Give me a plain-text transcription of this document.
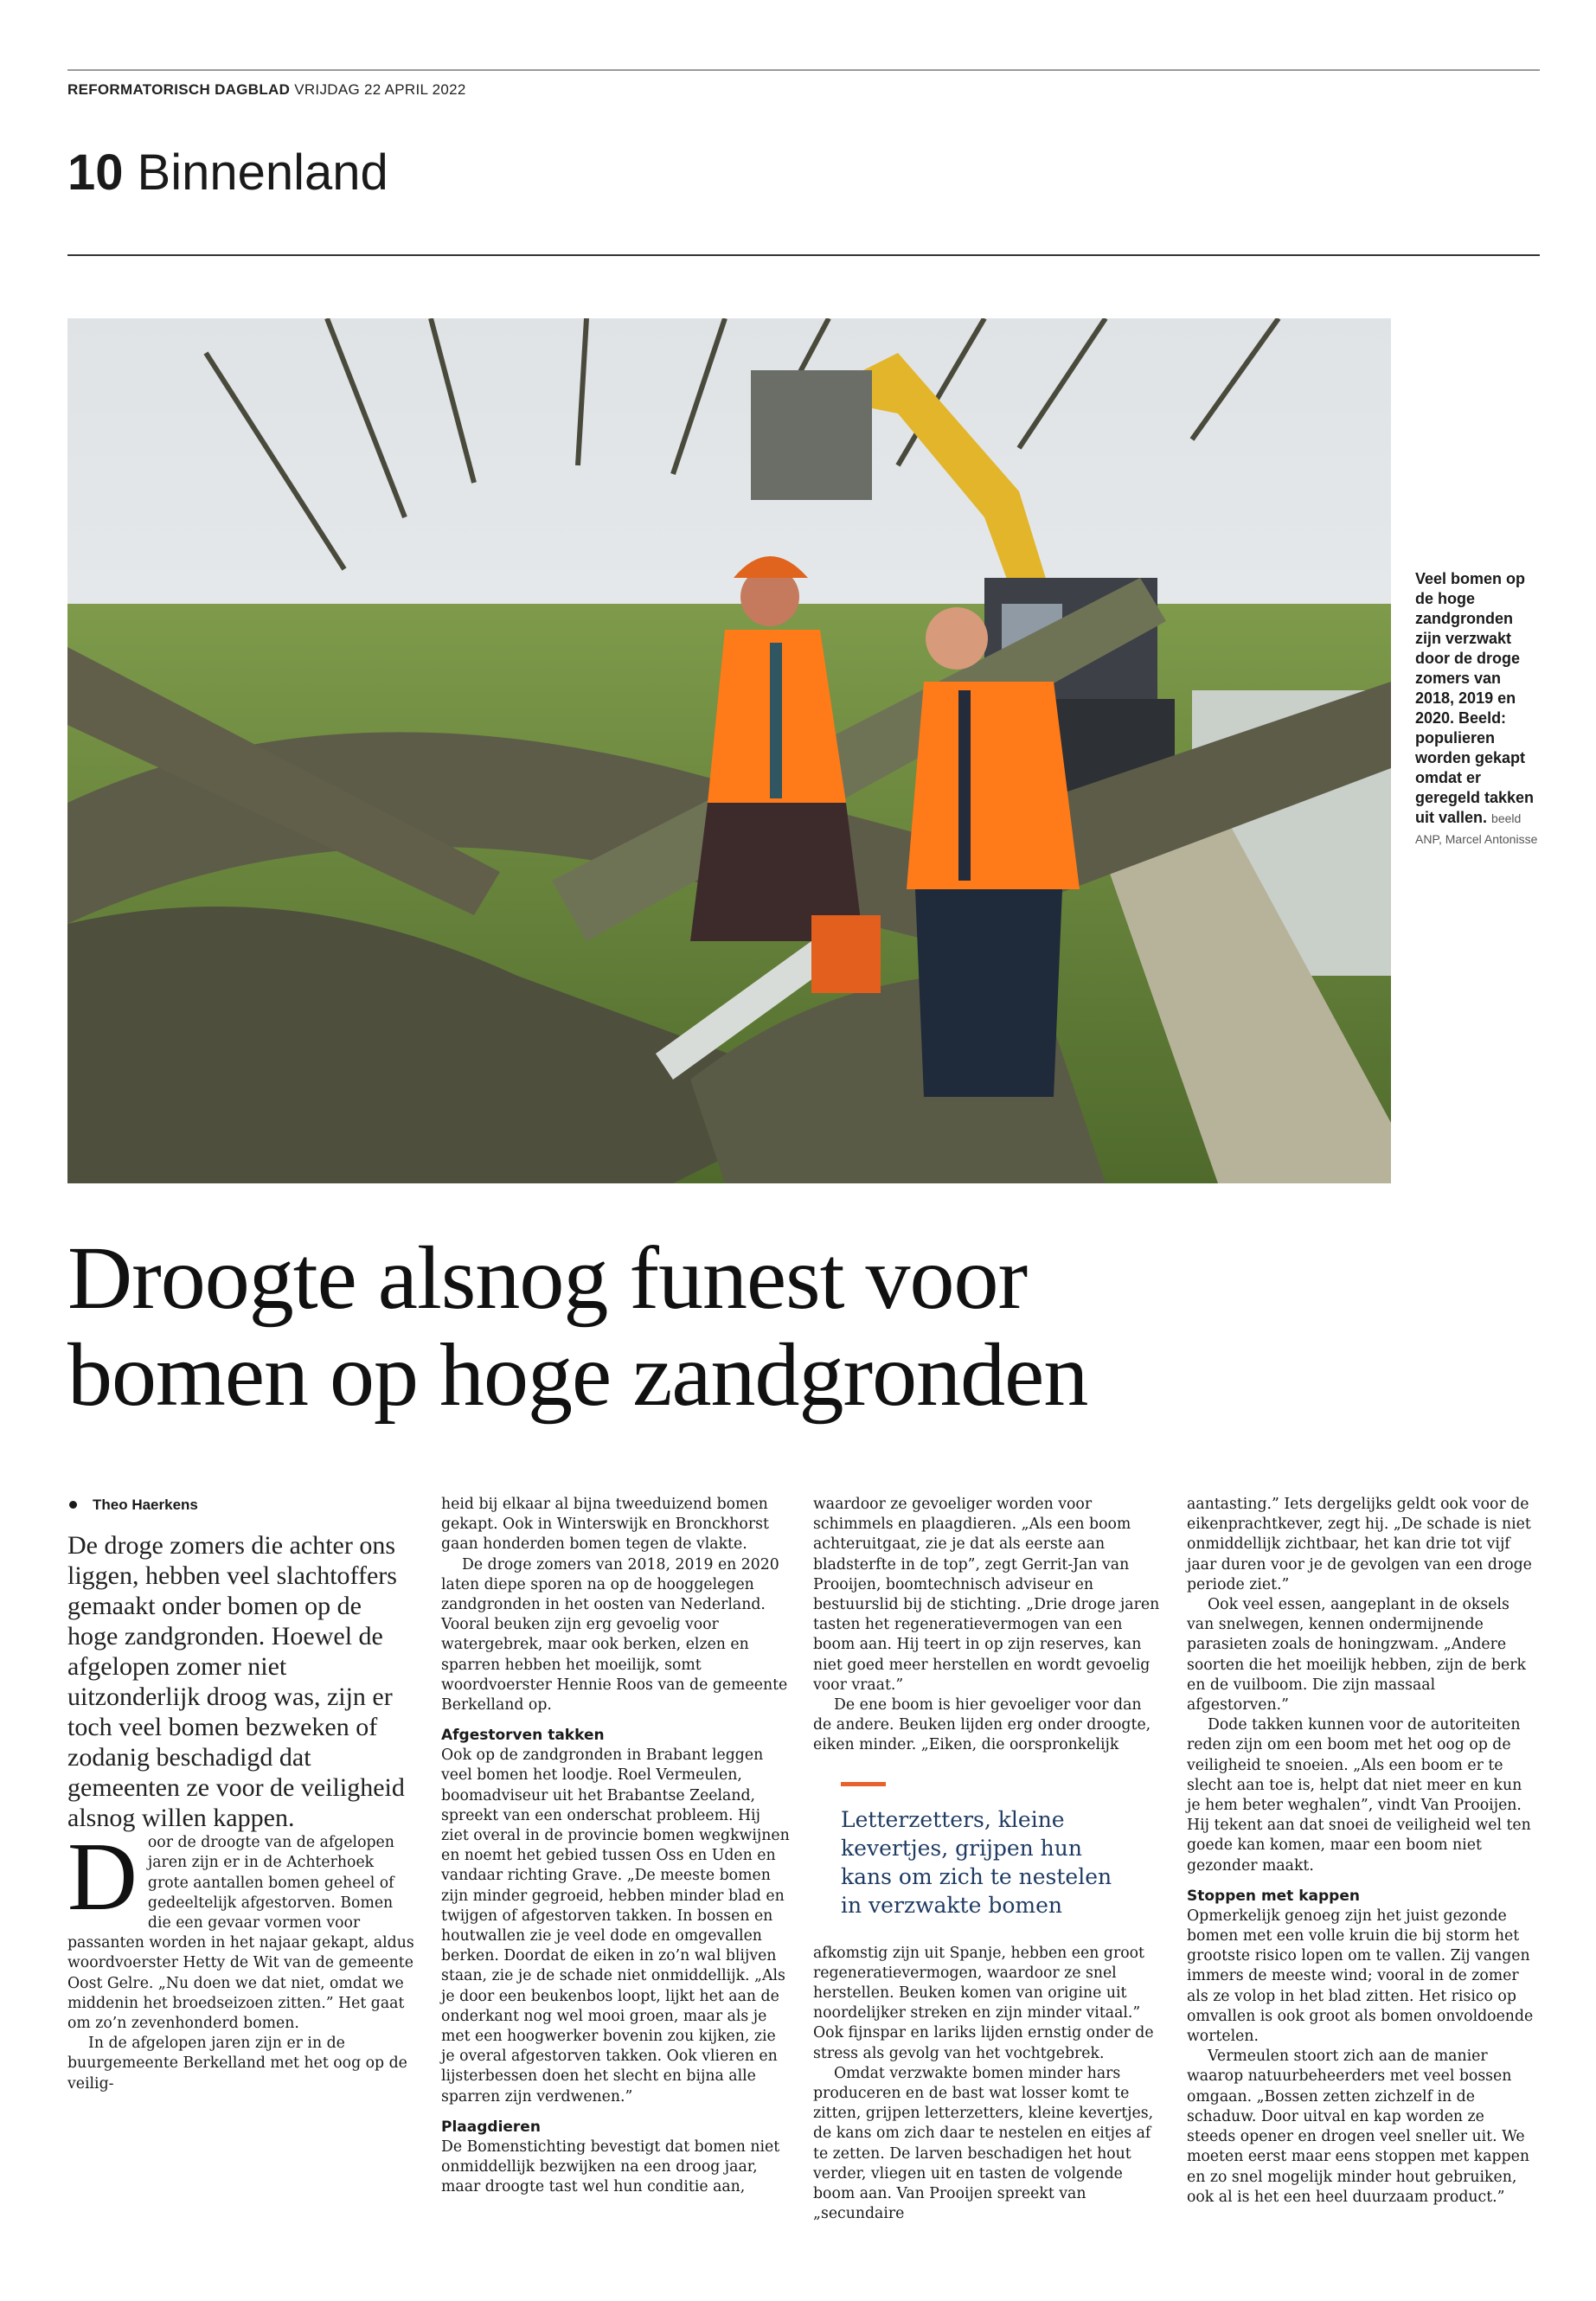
REFORMATORISCH DAGBLAD VRIJDAG 22 APRIL 2022
10 Binnenland
Veel bomen op de hoge zandgronden zijn verzwakt door de droge zomers van 2018, 2019 en 2020. Beeld: populieren worden gekapt omdat er geregeld takken uit vallen. beeld ANP, Marcel Antonisse
Droogte alsnog funest voor
bomen op hoge zandgronden
Theo Haerkens

De droge zomers die achter ons liggen, hebben veel slachtoffers gemaakt onder bomen op de hoge zandgronden. Hoewel de afgelopen zomer niet uitzonderlijk droog was, zijn er toch veel bomen bezweken of zodanig beschadigd dat gemeenten ze voor de veiligheid alsnog willen kappen.

D oor de droogte van de afgelopen jaren zijn er in de Achterhoek grote aantallen bomen geheel of gedeeltelijk afgestorven. Bomen die een gevaar vormen voor passanten worden in het najaar gekapt, aldus woordvoerster Hetty de Wit van de gemeente Oost Gelre. „Nu doen we dat niet, omdat we middenin het broedseizoen zitten.” Het gaat om zo’n zevenhonderd bomen.

In de afgelopen jaren zijn er in de buurgemeente Berkelland met het oog op de veilig-

heid bij elkaar al bijna tweeduizend bomen gekapt. Ook in Winterswijk en Bronckhorst gaan honderden bomen tegen de vlakte.

De droge zomers van 2018, 2019 en 2020 laten diepe sporen na op de hooggelegen zandgronden in het oosten van Nederland. Vooral beuken zijn erg gevoelig voor watergebrek, maar ook berken, elzen en sparren hebben het moeilijk, somt woordvoerster Hennie Roos van de gemeente Berkelland op.

Afgestorven takken

Ook op de zandgronden in Brabant leggen veel bomen het loodje. Roel Vermeulen, boomadviseur uit het Brabantse Zeeland, spreekt van een onderschat probleem. Hij ziet overal in de provincie bomen wegkwijnen en noemt het gebied tussen Oss en Uden en vandaar richting Grave. „De meeste bomen zijn minder gegroeid, hebben minder blad en twijgen of afgestorven takken. In bossen en houtwallen zie je veel dode en omgevallen berken. Doordat de eiken in zo’n wal blijven staan, zie je de schade niet onmiddellijk. „Als je door een beukenbos loopt, lijkt het aan de onderkant nog wel mooi groen, maar als je met een hoogwerker bovenin zou kijken, zie je overal afgestorven takken. Ook vlieren en lijsterbessen doen het slecht en bijna alle sparren zijn verdwenen.”

Plaagdieren

De Bomenstichting bevestigt dat bomen niet onmiddellijk bezwijken na een droog jaar, maar droogte tast wel hun conditie aan,

waardoor ze gevoeliger worden voor schimmels en plaagdieren. „Als een boom achteruitgaat, zie je dat als eerste aan bladsterfte in de top”, zegt Gerrit-Jan van Prooijen, boomtechnisch adviseur en bestuurslid bij de stichting. „Drie droge jaren tasten het regeneratievermogen van een boom aan. Hij teert in op zijn reserves, kan niet goed meer herstellen en wordt gevoelig voor vraat.”

De ene boom is hier gevoeliger voor dan de andere. Beuken lijden erg onder droogte, eiken minder. „Eiken, die oorspronkelijk

Letterzetters, kleine kevertjes, grijpen hun kans om zich te nestelen in verzwakte bomen

afkomstig zijn uit Spanje, hebben een groot regeneratievermogen, waardoor ze snel herstellen. Beuken komen van origine uit noordelijker streken en zijn minder vitaal.” Ook fijnspar en lariks lijden ernstig onder de stress als gevolg van het vochtgebrek.

Omdat verzwakte bomen minder hars produceren en de bast wat losser komt te zitten, grijpen letterzetters, kleine kevertjes, de kans om zich daar te nestelen en eitjes af te zetten. De larven beschadigen het hout verder, vliegen uit en tasten de volgende boom aan. Van Prooijen spreekt van „secundaire

aantasting.” Iets dergelijks geldt ook voor de eikenprachtkever, zegt hij. „De schade is niet onmiddellijk zichtbaar, het kan drie tot vijf jaar duren voor je de gevolgen van een droge periode ziet.”

Ook veel essen, aangeplant in de oksels van snelwegen, kennen ondermijnende parasieten zoals de honingzwam. „Andere soorten die het moeilijk hebben, zijn de berk en de vuilboom. Die zijn massaal afgestorven.”

Dode takken kunnen voor de autoriteiten reden zijn om een boom met het oog op de veiligheid te snoeien. „Als een boom er te slecht aan toe is, helpt dat niet meer en kun je hem beter weghalen”, vindt Van Prooijen. Hij tekent aan dat snoei de veiligheid wel ten goede kan komen, maar een boom niet gezonder maakt.

Stoppen met kappen

Opmerkelijk genoeg zijn het juist gezonde bomen met een volle kruin die bij storm het grootste risico lopen om te vallen. Zij vangen immers de meeste wind; vooral in de zomer als ze volop in het blad zitten. Het risico op omvallen is ook groot als bomen onvoldoende wortelen.

Vermeulen stoort zich aan de manier waarop natuurbeheerders met veel bossen omgaan. „Bossen zetten zichzelf in de schaduw. Door uitval en kap worden ze steeds opener en drogen veel sneller uit. We moeten eerst maar eens stoppen met kappen en zo snel mogelijk minder hout gebruiken, ook al is het een heel duurzaam product.”
